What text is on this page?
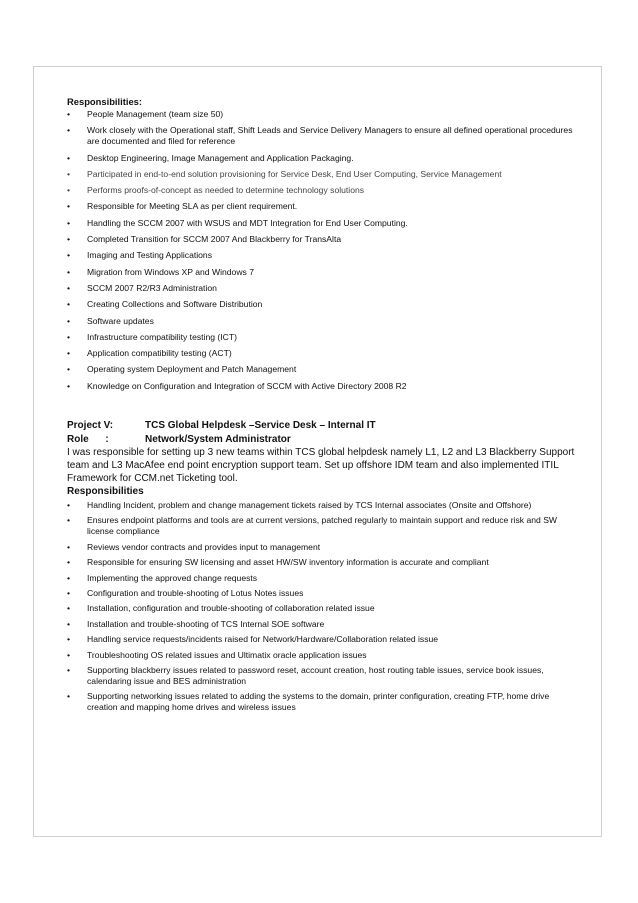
Responsibilities:

• People Management (team size 50)
• Work closely with the Operational staff, Shift Leads and Service Delivery Managers to ensure all defined operational procedures are documented and filed for reference
• Desktop Engineering, Image Management and Application Packaging.
• Participated in end-to-end solution provisioning for Service Desk, End User Computing, Service Management
• Performs proofs-of-concept as needed to determine technology solutions
• Responsible for Meeting SLA as per client requirement.
• Handling the SCCM 2007 with WSUS and MDT Integration for End User Computing.
• Completed Transition for SCCM 2007 And Blackberry for TransAlta
• Imaging and Testing Applications
• Migration from Windows XP and Windows 7
• SCCM 2007 R2/R3 Administration
• Creating Collections and Software Distribution
• Software updates
• Infrastructure compatibility testing (ICT)
• Application compatibility testing (ACT)
• Operating system Deployment and Patch Management
• Knowledge on Configuration and Integration of SCCM with Active Directory 2008 R2
Project V:	TCS Global Helpdesk –Service Desk – Internal IT
Role      :	Network/System Administrator

I was responsible for setting up 3 new teams within TCS global helpdesk namely L1, L2 and L3 Blackberry Support team and L3 MacAfee end point encryption support team. Set up offshore IDM team and also implemented ITIL Framework for CCM.net Ticketing tool.

Responsibilities

• Handling Incident, problem and change management tickets raised by TCS Internal associates (Onsite and Offshore)
• Ensures endpoint platforms and tools are at current versions, patched regularly to maintain support and reduce risk and SW license compliance
• Reviews vendor contracts and provides input to management
• Responsible for ensuring SW licensing and asset HW/SW inventory information is accurate and compliant
• Implementing the approved change requests
• Configuration and trouble-shooting of Lotus Notes issues
• Installation, configuration and trouble-shooting of collaboration related issue
• Installation and trouble-shooting of TCS Internal SOE software
• Handling service requests/incidents raised for Network/Hardware/Collaboration related issue
• Troubleshooting OS related issues and Ultimatix oracle application issues
• Supporting blackberry issues related to password reset, account creation, host routing table issues, service book issues, calendaring issue and BES administration
• Supporting networking issues related to adding the systems to the domain, printer configuration, creating FTP, home drive creation and mapping home drives and wireless issues
